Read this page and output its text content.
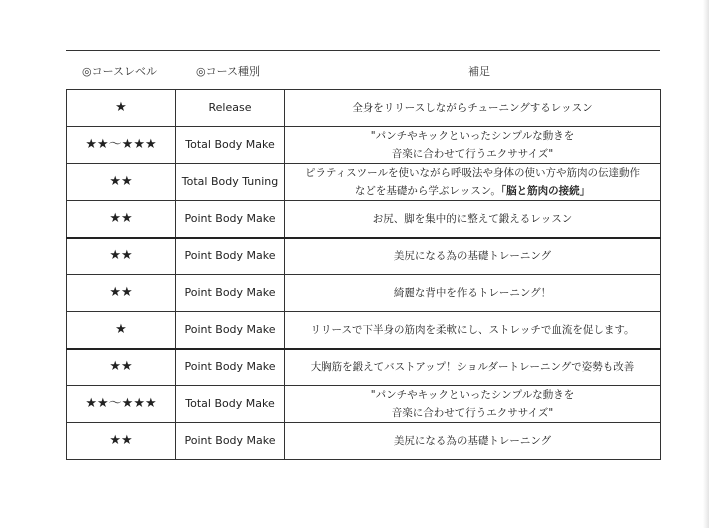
◎コースレベル	◎コース種別	補足
★	Release	全身をリリースしながらチューニングするレッスン

★★〜★★★	Total Body Make	"パンチやキックといったシンプルな動きを
音楽に合わせて行うエクササイズ"

★★	Total Body Tuning	ピラティスツールを使いながら呼吸法や身体の使い方や筋肉の伝達動作
などを基礎から学ぶレッスン。「脳と筋肉の接続」

★★	Point Body Make	お尻、脚を集中的に整えて鍛えるレッスン

★★	Point Body Make	美尻になる為の基礎トレーニング

★★	Point Body Make	綺麗な背中を作るトレーニング！

★	Point Body Make	リリースで下半身の筋肉を柔軟にし、ストレッチで血流を促します。

★★	Point Body Make	大胸筋を鍛えてバストアップ！ショルダートレーニングで姿勢も改善

★★〜★★★	Total Body Make	"パンチやキックといったシンプルな動きを
音楽に合わせて行うエクササイズ"

★★	Point Body Make	美尻になる為の基礎トレーニング
